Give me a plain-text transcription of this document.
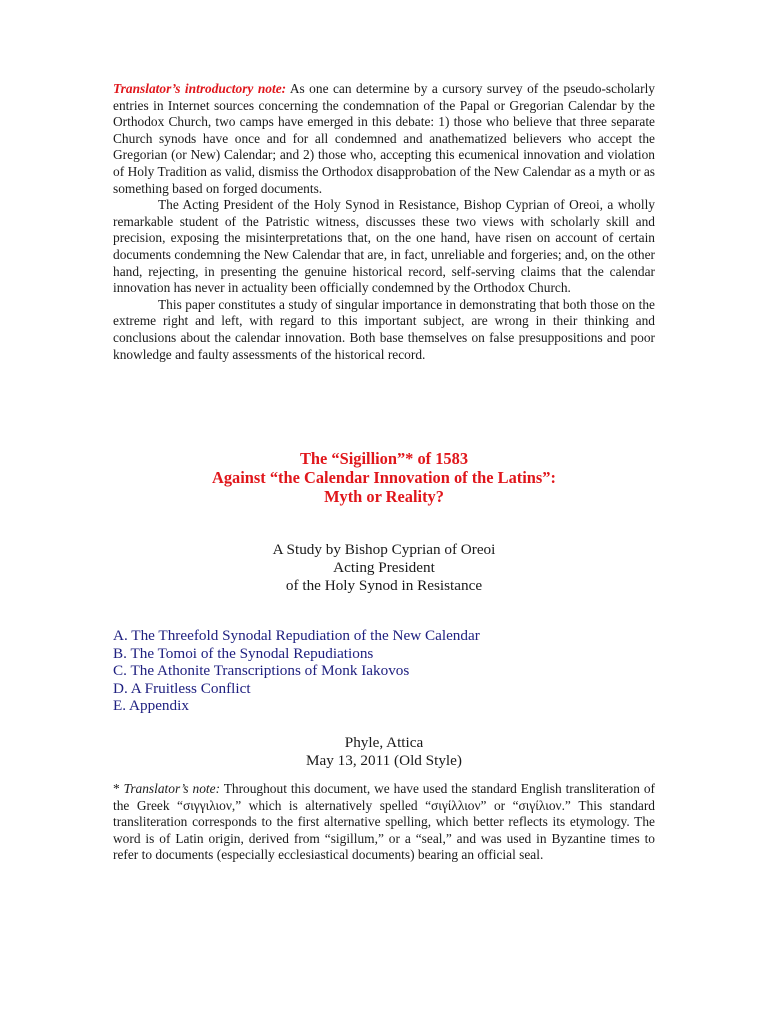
Translator’s introductory note: As one can determine by a cursory survey of the pseudo-scholarly entries in Internet sources concerning the condemnation of the Papal or Gregorian Calendar by the Orthodox Church, two camps have emerged in this debate: 1) those who believe that three separate Church synods have once and for all condemned and anathematized believers who accept the Gregorian (or New) Calendar; and 2) those who, accepting this ecumenical innovation and violation of Holy Tradition as valid, dismiss the Orthodox disapprobation of the New Calendar as a myth or as something based on forged documents.

The Acting President of the Holy Synod in Resistance, Bishop Cyprian of Oreoi, a wholly remarkable student of the Patristic witness, discusses these two views with scholarly skill and precision, exposing the misinterpretations that, on the one hand, have risen on account of certain documents condemning the New Calendar that are, in fact, unreliable and forgeries; and, on the other hand, rejecting, in presenting the genuine historical record, self-serving claims that the calendar innovation has never in actuality been officially condemned by the Orthodox Church.

This paper constitutes a study of singular importance in demonstrating that both those on the extreme right and left, with regard to this important subject, are wrong in their thinking and conclusions about the calendar innovation. Both base themselves on false presuppositions and poor knowledge and faulty assessments of the historical record.

The “Sigillion”* of 1583
Against “the Calendar Innovation of the Latins”:
Myth or Reality?
A Study by Bishop Cyprian of Oreoi
Acting President
of the Holy Synod in Resistance
A. The Threefold Synodal Repudiation of the New Calendar
B. The Tomoi of the Synodal Repudiations
C. The Athonite Transcriptions of Monk Iakovos
D. A Fruitless Conflict
E. Appendix
Phyle, Attica
May 13, 2011 (Old Style)

* Translator’s note: Throughout this document, we have used the standard English transliteration of the Greek “σιγγιλιον,” which is alternatively spelled “σιγίλλιον” or “σιγίλιον.” This standard transliteration corresponds to the first alternative spelling, which better reflects its etymology. The word is of Latin origin, derived from “sigillum,” or a “seal,” and was used in Byzantine times to refer to documents (especially ecclesiastical documents) bearing an official seal.
